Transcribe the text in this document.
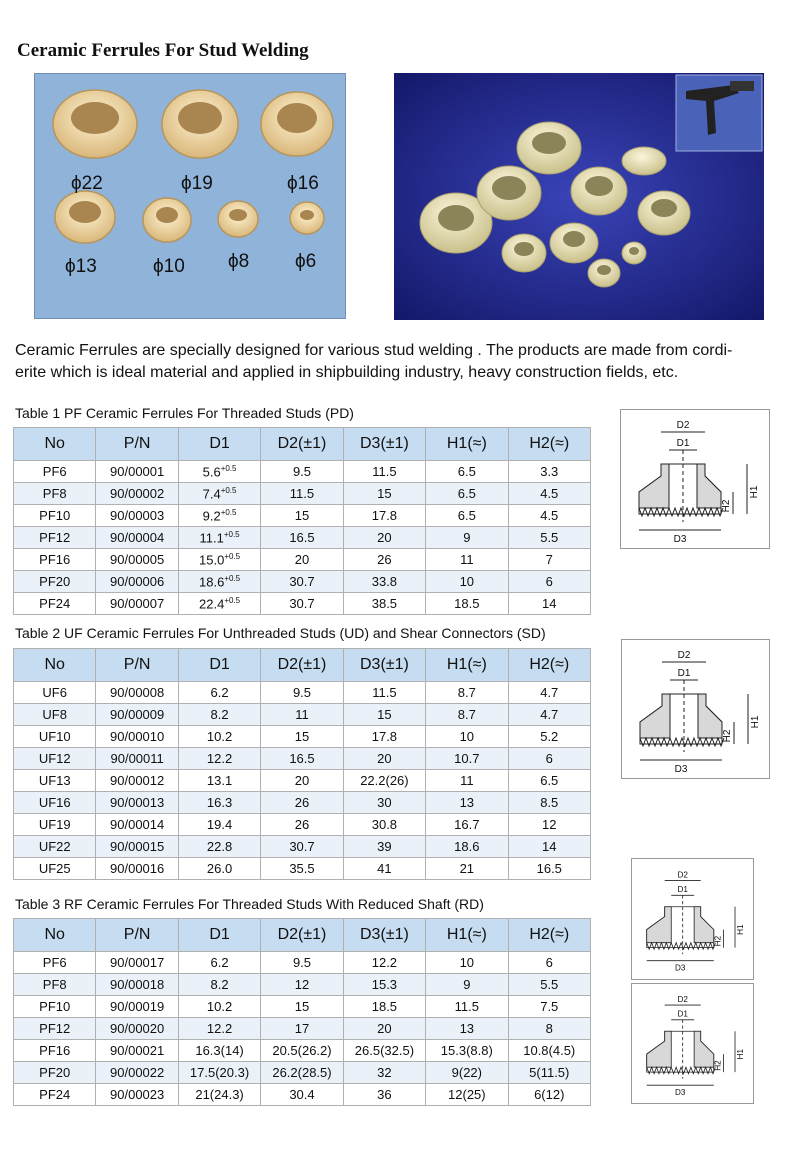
Ceramic Ferrules For Stud Welding
ϕ22	ϕ19	ϕ16
ϕ13	ϕ10 ϕ8 ϕ6
Ceramic Ferrules are specially designed for various stud welding . The products are made from cordi-
erite which is ideal material and applied in shipbuilding industry, heavy construction fields, etc.
Table 1 PF Ceramic Ferrules For Threaded Studs (PD)
No	P/N	D1	D2(±1)	D3(±1)	H1(≈)	H2(≈)
PF6	90/00001	$5.6^{+0.5}$	9.5	11.5	6.5	3.3
PF8	90/00002	$7.4^{+0.5}$	11.5	15	6.5	4.5
PF10	90/00003	$9.2^{+0.5}$	15	17.8	6.5	4.5
PF12	90/00004	$11.1^{+0.5}$	16.5	20	9	5.5
PF16	90/00005	$15.0^{+0.5}$	20	26	11	7
PF20	90/00006	$18.6^{+0.5}$	30.7	33.8	10	6
PF24	90/00007	$22.4^{+0.5}$	30.7	38.5	18.5	14
Table 2 UF Ceramic Ferrules For Unthreaded Studs (UD) and Shear Connectors (SD)
No	P/N	D1	D2(±1)	D3(±1)	H1(≈)	H2(≈)
UF6	90/00008	6.2	9.5	11.5	8.7	4.7
UF8	90/00009	8.2	11	15	8.7	4.7
UF10	90/00010	10.2	15	17.8	10	5.2
UF12	90/00011	12.2	16.5	20	10.7	6
UF13	90/00012	13.1	20	22.2(26)	11	6.5
UF16	90/00013	16.3	26	30	13	8.5
UF19	90/00014	19.4	26	30.8	16.7	12
UF22	90/00015	22.8	30.7	39	18.6	14
UF25	90/00016	26.0	35.5	41	21	16.5
Table 3 RF Ceramic Ferrules For Threaded Studs With Reduced Shaft (RD)
No	P/N	D1	D2(±1)	D3(±1)	H1(≈)	H2(≈)
PF6	90/00017	6.2	9.5	12.2	10	6
PF8	90/00018	8.2	12	15.3	9	5.5
PF10	90/00019	10.2	15	18.5	11.5	7.5
PF12	90/00020	12.2	17	20	13	8
PF16	90/00021	16.3(14)	20.5(26.2)	26.5(32.5)	15.3(8.8)	10.8(4.5)
PF20	90/00022	17.5(20.3)	26.2(28.5)	32	9(22)	5(11.5)
PF24	90/00023	21(24.3)	30.4	36	12(25)	6(12)
D2
D1
D3
H1
H2
D2
D1
D3
H1
H2
D2
D1
D3
H1
H2
D2
D1
D3
H1
H2
